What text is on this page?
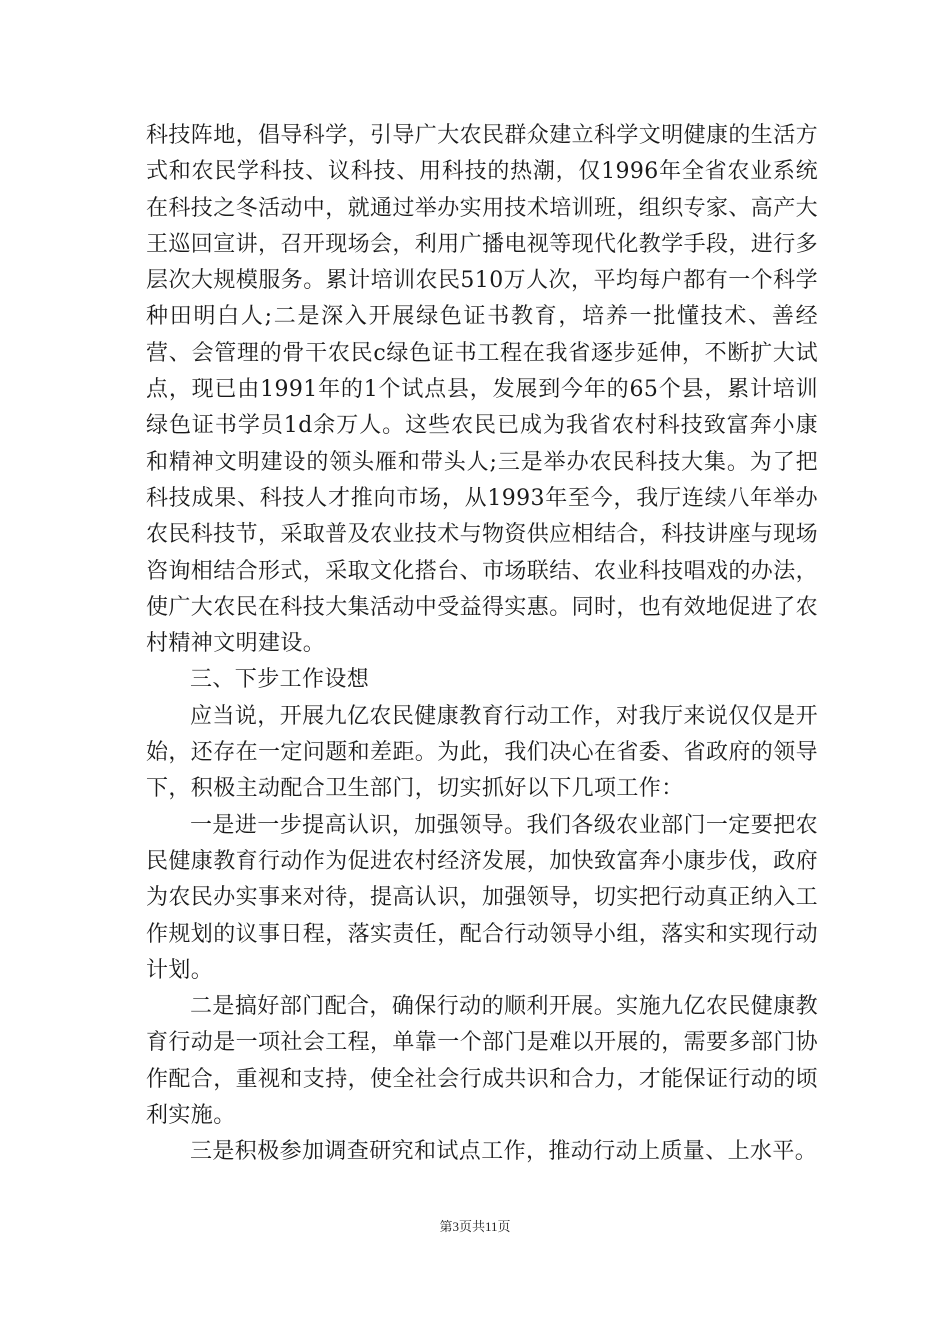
科技阵地，倡导科学，引导广大农民群众建立科学文明健康的生活方式和农民学科技、议科技、用科技的热潮，仅1996年全省农业系统在科技之冬活动中，就通过举办实用技术培训班，组织专家、高产大王巡回宣讲，召开现场会，利用广播电视等现代化教学手段，进行多层次大规模服务。累计培训农民510万人次，平均每户都有一个科学种田明白人;二是深入开展绿色证书教育，培养一批懂技术、善经营、会管理的骨干农民c绿色证书工程在我省逐步延伸，不断扩大试点，现已由1991年的1个试点县，发展到今年的65个县，累计培训绿色证书学员1d余万人。这些农民已成为我省农村科技致富奔小康和精神文明建设的领头雁和带头人;三是举办农民科技大集。为了把科技成果、科技人才推向市场，从1993年至今，我厅连续八年举办农民科技节，采取普及农业技术与物资供应相结合，科技讲座与现场咨询相结合形式，采取文化搭台、市场联结、农业科技唱戏的办法，使广大农民在科技大集活动中受益得实惠。同时，也有效地促进了农村精神文明建设。

三、下步工作设想

应当说，开展九亿农民健康教育行动工作，对我厅来说仅仅是开始，还存在一定问题和差距。为此，我们决心在省委、省政府的领导下，积极主动配合卫生部门，切实抓好以下几项工作：

一是进一步提高认识，加强领导。我们各级农业部门一定要把农民健康教育行动作为促进农村经济发展，加快致富奔小康步伐，政府为农民办实事来对待，提高认识，加强领导，切实把行动真正纳入工作规划的议事日程，落实责任，配合行动领导小组，落实和实现行动计划。

二是搞好部门配合，确保行动的顺利开展。实施九亿农民健康教育行动是一项社会工程，单靠一个部门是难以开展的，需要多部门协作配合，重视和支持，使全社会行成共识和合力，才能保证行动的顷利实施。

三是积极参加调查研究和试点工作，推动行动上质量、上水平。

第3页共11页
